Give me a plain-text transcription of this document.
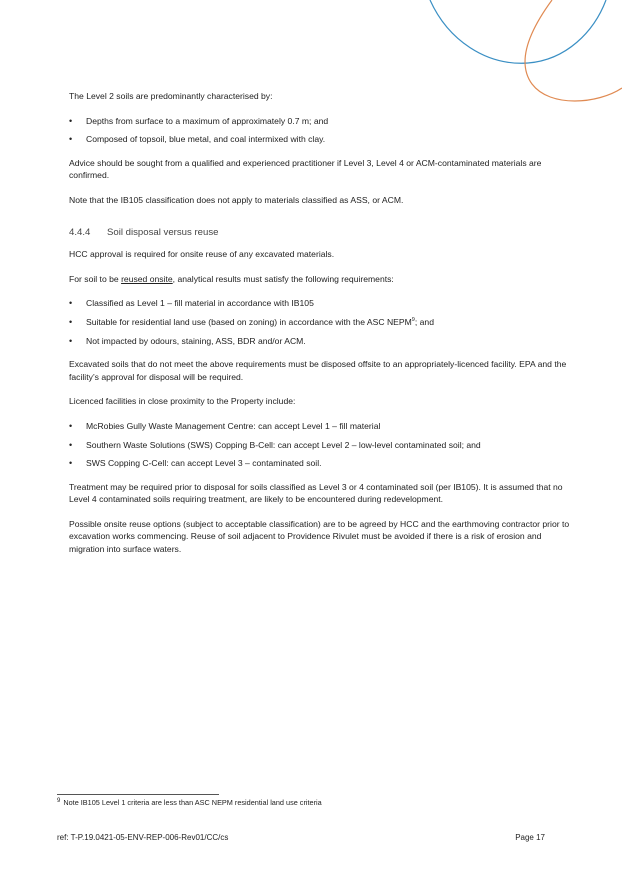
The Level 2 soils are predominantly characterised by:

• Depths from surface to a maximum of approximately 0.7 m; and
• Composed of topsoil, blue metal, and coal intermixed with clay.

Advice should be sought from a qualified and experienced practitioner if Level 3, Level 4 or ACM-contaminated materials are confirmed.

Note that the IB105 classification does not apply to materials classified as ASS, or ACM.

4.4.4 Soil disposal versus reuse

HCC approval is required for onsite reuse of any excavated materials.

For soil to be reused onsite, analytical results must satisfy the following requirements:

• Classified as Level 1 – fill material in accordance with IB105
• Suitable for residential land use (based on zoning) in accordance with the ASC NEPM$^9$; and
• Not impacted by odours, staining, ASS, BDR and/or ACM.

Excavated soils that do not meet the above requirements must be disposed offsite to an appropriately-licenced facility. EPA and the facility’s approval for disposal will be required.

Licenced facilities in close proximity to the Property include:

• McRobies Gully Waste Management Centre: can accept Level 1 – fill material
• Southern Waste Solutions (SWS) Copping B-Cell: can accept Level 2 – low-level contaminated soil; and
• SWS Copping C-Cell: can accept Level 3 – contaminated soil.

Treatment may be required prior to disposal for soils classified as Level 3 or 4 contaminated soil (per IB105). It is assumed that no Level 4 contaminated soils requiring treatment, are likely to be encountered during redevelopment.

Possible onsite reuse options (subject to acceptable classification) are to be agreed by HCC and the earthmoving contractor prior to excavation works commencing. Reuse of soil adjacent to Providence Rivulet must be avoided if there is a risk of erosion and migration into surface waters.

$^9$ Note IB105 Level 1 criteria are less than ASC NEPM residential land use criteria
ref: T-P.19.0421-05-ENV-REP-006-Rev01/CC/cs	Page 17
